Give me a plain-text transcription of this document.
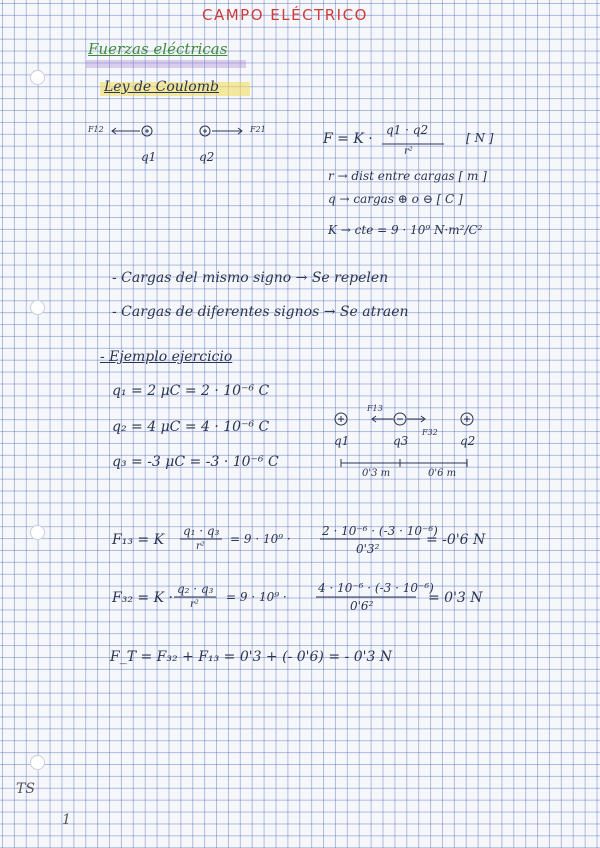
CAMPO ELÉCTRICO
Fuerzas eléctricas
Ley de Coulomb
F12	F21
q1	q2
F = K ·
q1 · q2
r²
[ N ]
r → dist entre cargas [ m ]
q → cargas ⊕ o ⊖ [ C ]
K → cte = 9 · 10⁹ N·m²/C²
- Cargas del mismo signo → Se repelen
- Cargas de diferentes signos → Se atraen
- Ejemplo ejercicio
q₁ = 2 μC = 2 · 10⁻⁶ C
q₂ = 4 μC = 4 · 10⁻⁶ C
q₃ = -3 μC = -3 · 10⁻⁶ C
F13
F32
q1	q3	q2
0'3 m	0'6 m
F₁₃ = K
q₁ · q₃
r²
= 9 · 10⁹ ·
2 · 10⁻⁶ · (-3 · 10⁻⁶)
0'3²
= -0'6 N
F₃₂ = K ·
q₂ · q₃
r²
= 9 · 10⁹ ·
4 · 10⁻⁶ · (-3 · 10⁻⁶)
0'6²	= 0'3 N
F_T = F₃₂ + F₁₃ = 0'3 + (- 0'6) = - 0'3 N
TS
1
